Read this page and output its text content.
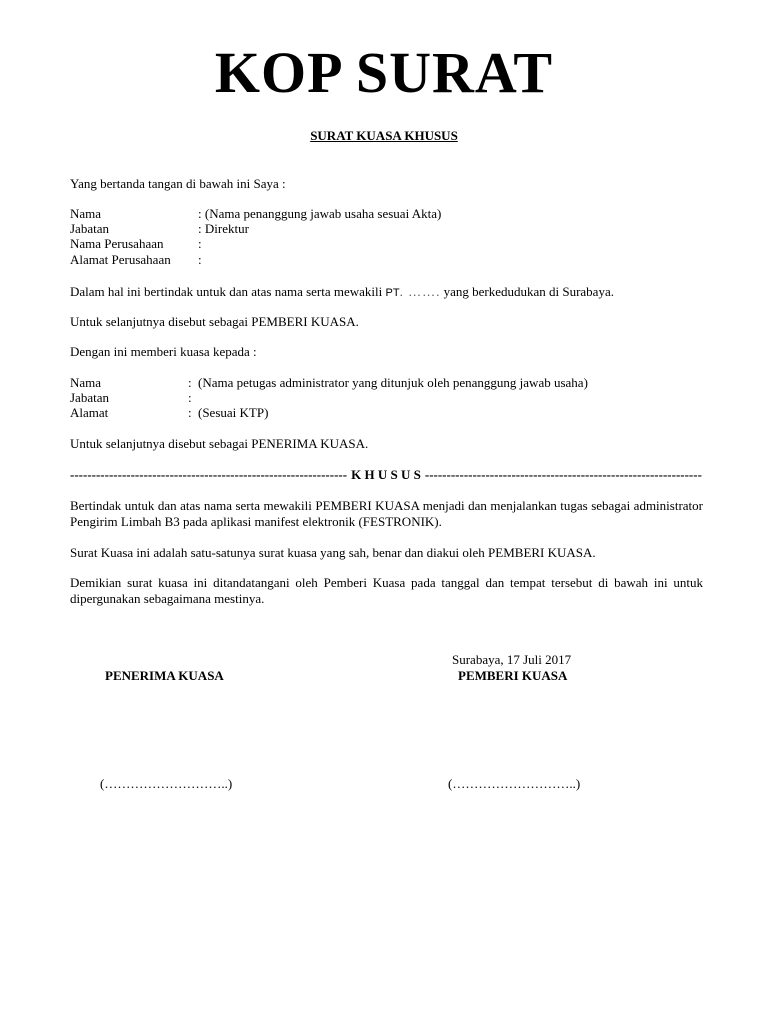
KOP SURAT
SURAT KUASA KHUSUS
Yang bertanda tangan di bawah ini Saya :
Nama	: (Nama penanggung jawab usaha sesuai Akta)
Jabatan	: Direktur
Nama Perusahaan	:
Alamat Perusahaan :
Dalam hal ini bertindak untuk dan atas nama serta mewakili PT. ……. yang berkedudukan di Surabaya.
Untuk selanjutnya disebut sebagai PEMBERI KUASA.
Dengan ini memberi kuasa kepada :
Nama	: (Nama petugas administrator yang ditunjuk oleh penanggung jawab usaha)
Jabatan	:
Alamat	: (Sesuai KTP)
Untuk selanjutnya disebut sebagai PENERIMA KUASA.
-----
K H U S U S
-----
Bertindak untuk dan atas nama serta mewakili PEMBERI KUASA menjadi dan menjalankan tugas sebagai administrator Pengirim Limbah B3 pada aplikasi manifest elektronik (FESTRONIK).
Surat Kuasa ini adalah satu-satunya surat kuasa yang sah, benar dan diakui oleh PEMBERI KUASA.
Demikian surat kuasa ini ditandatangani oleh Pemberi Kuasa pada tanggal dan tempat tersebut di bawah ini untuk dipergunakan sebagaimana mestinya.
Surabaya, 17 Juli 2017
PENERIMA KUASA	PEMBERI KUASA
(………………………..)	(………………………..)
